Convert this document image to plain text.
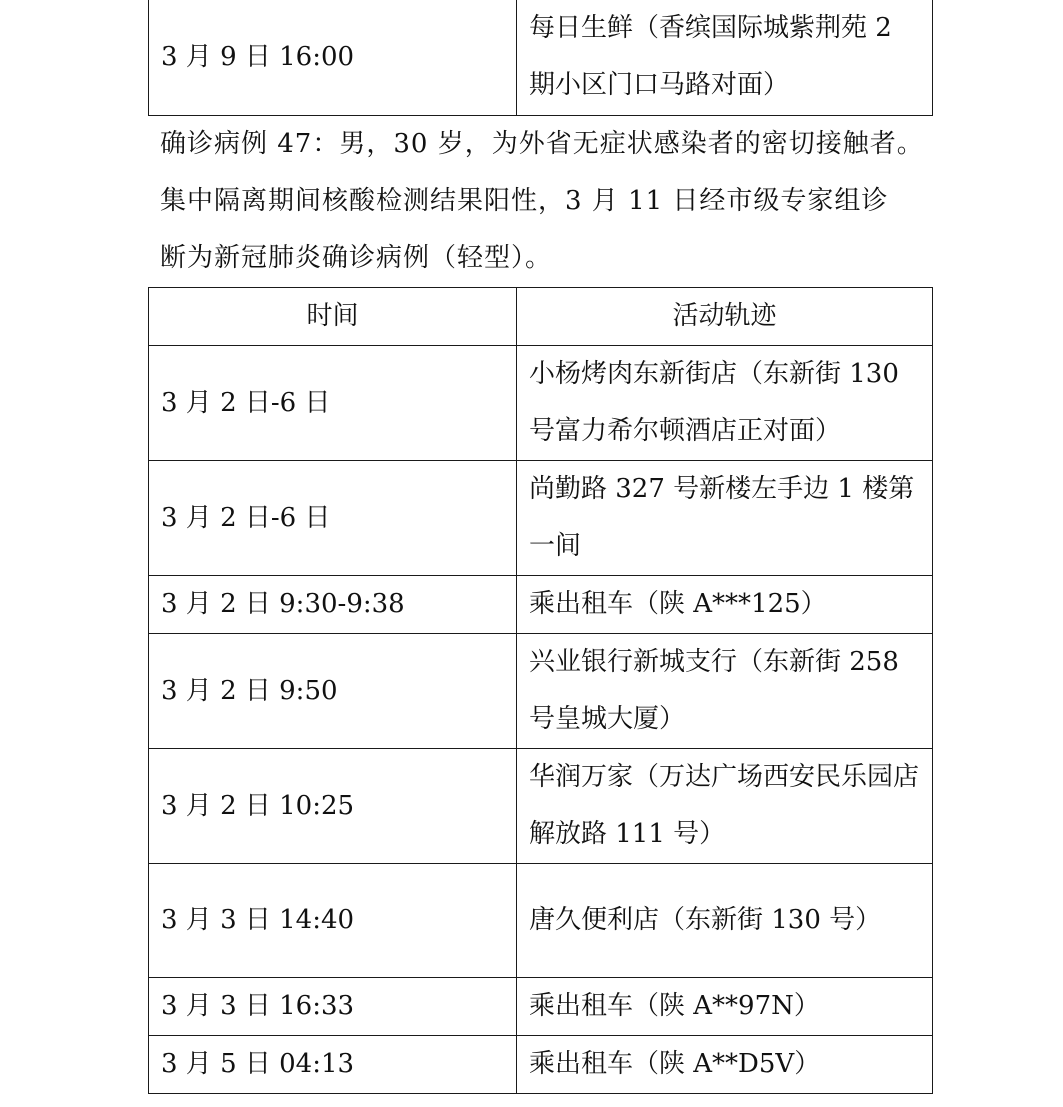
3 月 9 日 16:00	每日生鲜（香缤国际城紫荆苑 2 期小区门口马路对面）
确诊病例 47：男，30 岁，为外省无症状感染者的密切接触者。
集中隔离期间核酸检测结果阳性，3 月 11 日经市级专家组诊
断为新冠肺炎确诊病例（轻型）。
时间	活动轨迹
3 月 2 日-6 日	小杨烤肉东新街店（东新街 130 号富力希尔顿酒店正对面）
3 月 2 日-6 日	尚勤路 327 号新楼左手边 1 楼第一间
3 月 2 日 9:30-9:38	乘出租车（陕 A***125）
3 月 2 日 9:50	兴业银行新城支行（东新街 258 号皇城大厦）
3 月 2 日 10:25	华润万家（万达广场西安民乐园店解放路 111 号）
3 月 3 日 14:40	唐久便利店（东新街 130 号）
3 月 3 日 16:33	乘出租车（陕 A**97N）
3 月 5 日 04:13	乘出租车（陕 A**D5V）
